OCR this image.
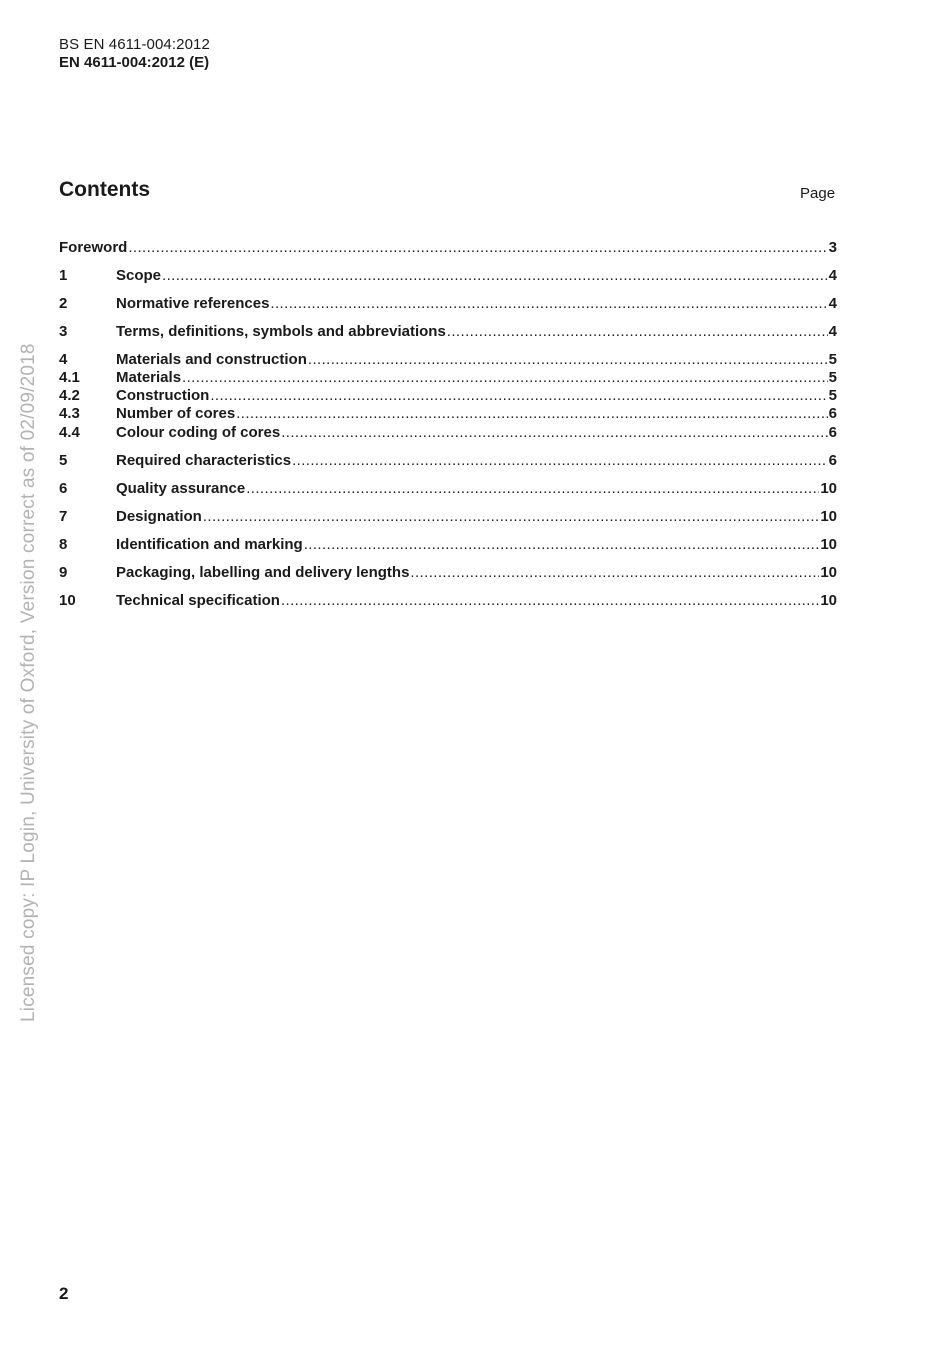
BS EN 4611-004:2012
EN 4611-004:2012 (E)
Contents	Page
Foreword .....	3
1	Scope .....	4
2	Normative references .....	4
3	Terms, definitions, symbols and abbreviations .....	4
4	Materials and construction .....	5
4.1	Materials .....	5
4.2	Construction .....	5
4.3	Number of cores .....	6
4.4	Colour coding of cores .....	6
5	Required characteristics .....	6
6	Quality assurance .....	10
7	Designation .....	10
8	Identification and marking .....	10
9	Packaging, labelling and delivery lengths .....	10
10	Technical specification .....	10
Licensed copy: IP Login, University of Oxford, Version correct as of 02/09/2018
2
